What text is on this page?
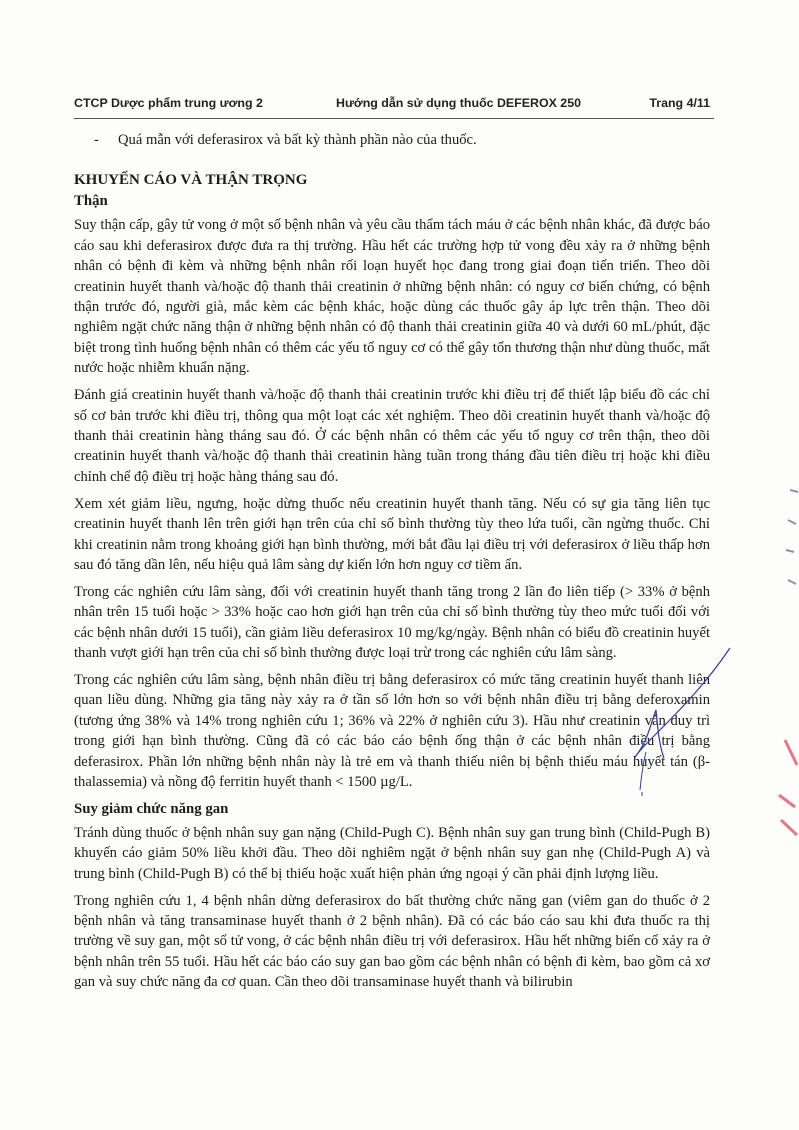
CTCP Dược phẩm trung ương 2	Hướng dẫn sử dụng thuốc DEFEROX 250	Trang 4/11
-	Quá mẫn với deferasirox và bất kỳ thành phần nào của thuốc.
KHUYẾN CÁO VÀ THẬN TRỌNG
Thận

Suy thận cấp, gây tử vong ở một số bệnh nhân và yêu cầu thẩm tách máu ở các bệnh nhân khác, đã được báo cáo sau khi deferasirox được đưa ra thị trường. Hầu hết các trường hợp tử vong đều xảy ra ở những bệnh nhân có bệnh đi kèm và những bệnh nhân rối loạn huyết học đang trong giai đoạn tiến triển. Theo dõi creatinin huyết thanh và/hoặc độ thanh thải creatinin ở những bệnh nhân: có nguy cơ biến chứng, có bệnh thận trước đó, người già, mắc kèm các bệnh khác, hoặc dùng các thuốc gây áp lực trên thận. Theo dõi nghiêm ngặt chức năng thận ở những bệnh nhân có độ thanh thải creatinin giữa 40 và dưới 60 mL/phút, đặc biệt trong tình huống bệnh nhân có thêm các yếu tố nguy cơ có thể gây tổn thương thận như dùng thuốc, mất nước hoặc nhiễm khuẩn nặng.

Đánh giá creatinin huyết thanh và/hoặc độ thanh thải creatinin trước khi điều trị để thiết lập biểu đồ các chỉ số cơ bản trước khi điều trị, thông qua một loạt các xét nghiệm. Theo dõi creatinin huyết thanh và/hoặc độ thanh thải creatinin hàng tháng sau đó. Ở các bệnh nhân có thêm các yếu tố nguy cơ trên thận, theo dõi creatinin huyết thanh và/hoặc độ thanh thải creatinin hàng tuần trong tháng đầu tiên điều trị hoặc khi điều chỉnh chế độ điều trị hoặc hàng tháng sau đó.

Xem xét giảm liều, ngưng, hoặc dừng thuốc nếu creatinin huyết thanh tăng. Nếu có sự gia tăng liên tục creatinin huyết thanh lên trên giới hạn trên của chỉ số bình thường tùy theo lứa tuổi, cần ngừng thuốc. Chỉ khi creatinin nằm trong khoảng giới hạn bình thường, mới bắt đầu lại điều trị với deferasirox ở liều thấp hơn sau đó tăng dần lên, nếu hiệu quả lâm sàng dự kiến lớn hơn nguy cơ tiềm ẩn.

Trong các nghiên cứu lâm sàng, đối với creatinin huyết thanh tăng trong 2 lần đo liên tiếp (> 33% ở bệnh nhân trên 15 tuổi hoặc > 33% hoặc cao hơn giới hạn trên của chỉ số bình thường tùy theo mức tuổi đối với các bệnh nhân dưới 15 tuổi), cần giảm liều deferasirox 10 mg/kg/ngày. Bệnh nhân có biểu đồ creatinin huyết thanh vượt giới hạn trên của chỉ số bình thường được loại trừ trong các nghiên cứu lâm sàng.

Trong các nghiên cứu lâm sàng, bệnh nhân điều trị bằng deferasirox có mức tăng creatinin huyết thanh liên quan liều dùng. Những gia tăng này xảy ra ở tần số lớn hơn so với bệnh nhân điều trị bằng deferoxamin (tương ứng 38% và 14% trong nghiên cứu 1; 36% và 22% ở nghiên cứu 3). Hầu như creatinin vẫn duy trì trong giới hạn bình thường. Cũng đã có các báo cáo bệnh ống thận ở các bệnh nhân điều trị bằng deferasirox. Phần lớn những bệnh nhân này là trẻ em và thanh thiếu niên bị bệnh thiếu máu huyết tán (β-thalassemia) và nồng độ ferritin huyết thanh < 1500 µg/L.

Suy giảm chức năng gan

Tránh dùng thuốc ở bệnh nhân suy gan nặng (Child-Pugh C). Bệnh nhân suy gan trung bình (Child-Pugh B) khuyến cáo giảm 50% liều khởi đầu. Theo dõi nghiêm ngặt ở bệnh nhân suy gan nhẹ (Child-Pugh A) và trung bình (Child-Pugh B) có thể bị thiếu hoặc xuất hiện phản ứng ngoại ý cần phải định lượng liều.

Trong nghiên cứu 1, 4 bệnh nhân dừng deferasirox do bất thường chức năng gan (viêm gan do thuốc ở 2 bệnh nhân và tăng transaminase huyết thanh ở 2 bệnh nhân). Đã có các báo cáo sau khi đưa thuốc ra thị trường về suy gan, một số tử vong, ở các bệnh nhân điều trị với deferasirox. Hầu hết những biến cố xảy ra ở bệnh nhân trên 55 tuổi. Hầu hết các báo cáo suy gan bao gồm các bệnh nhân có bệnh đi kèm, bao gồm cả xơ gan và suy chức năng đa cơ quan. Cần theo dõi transaminase huyết thanh và bilirubin
